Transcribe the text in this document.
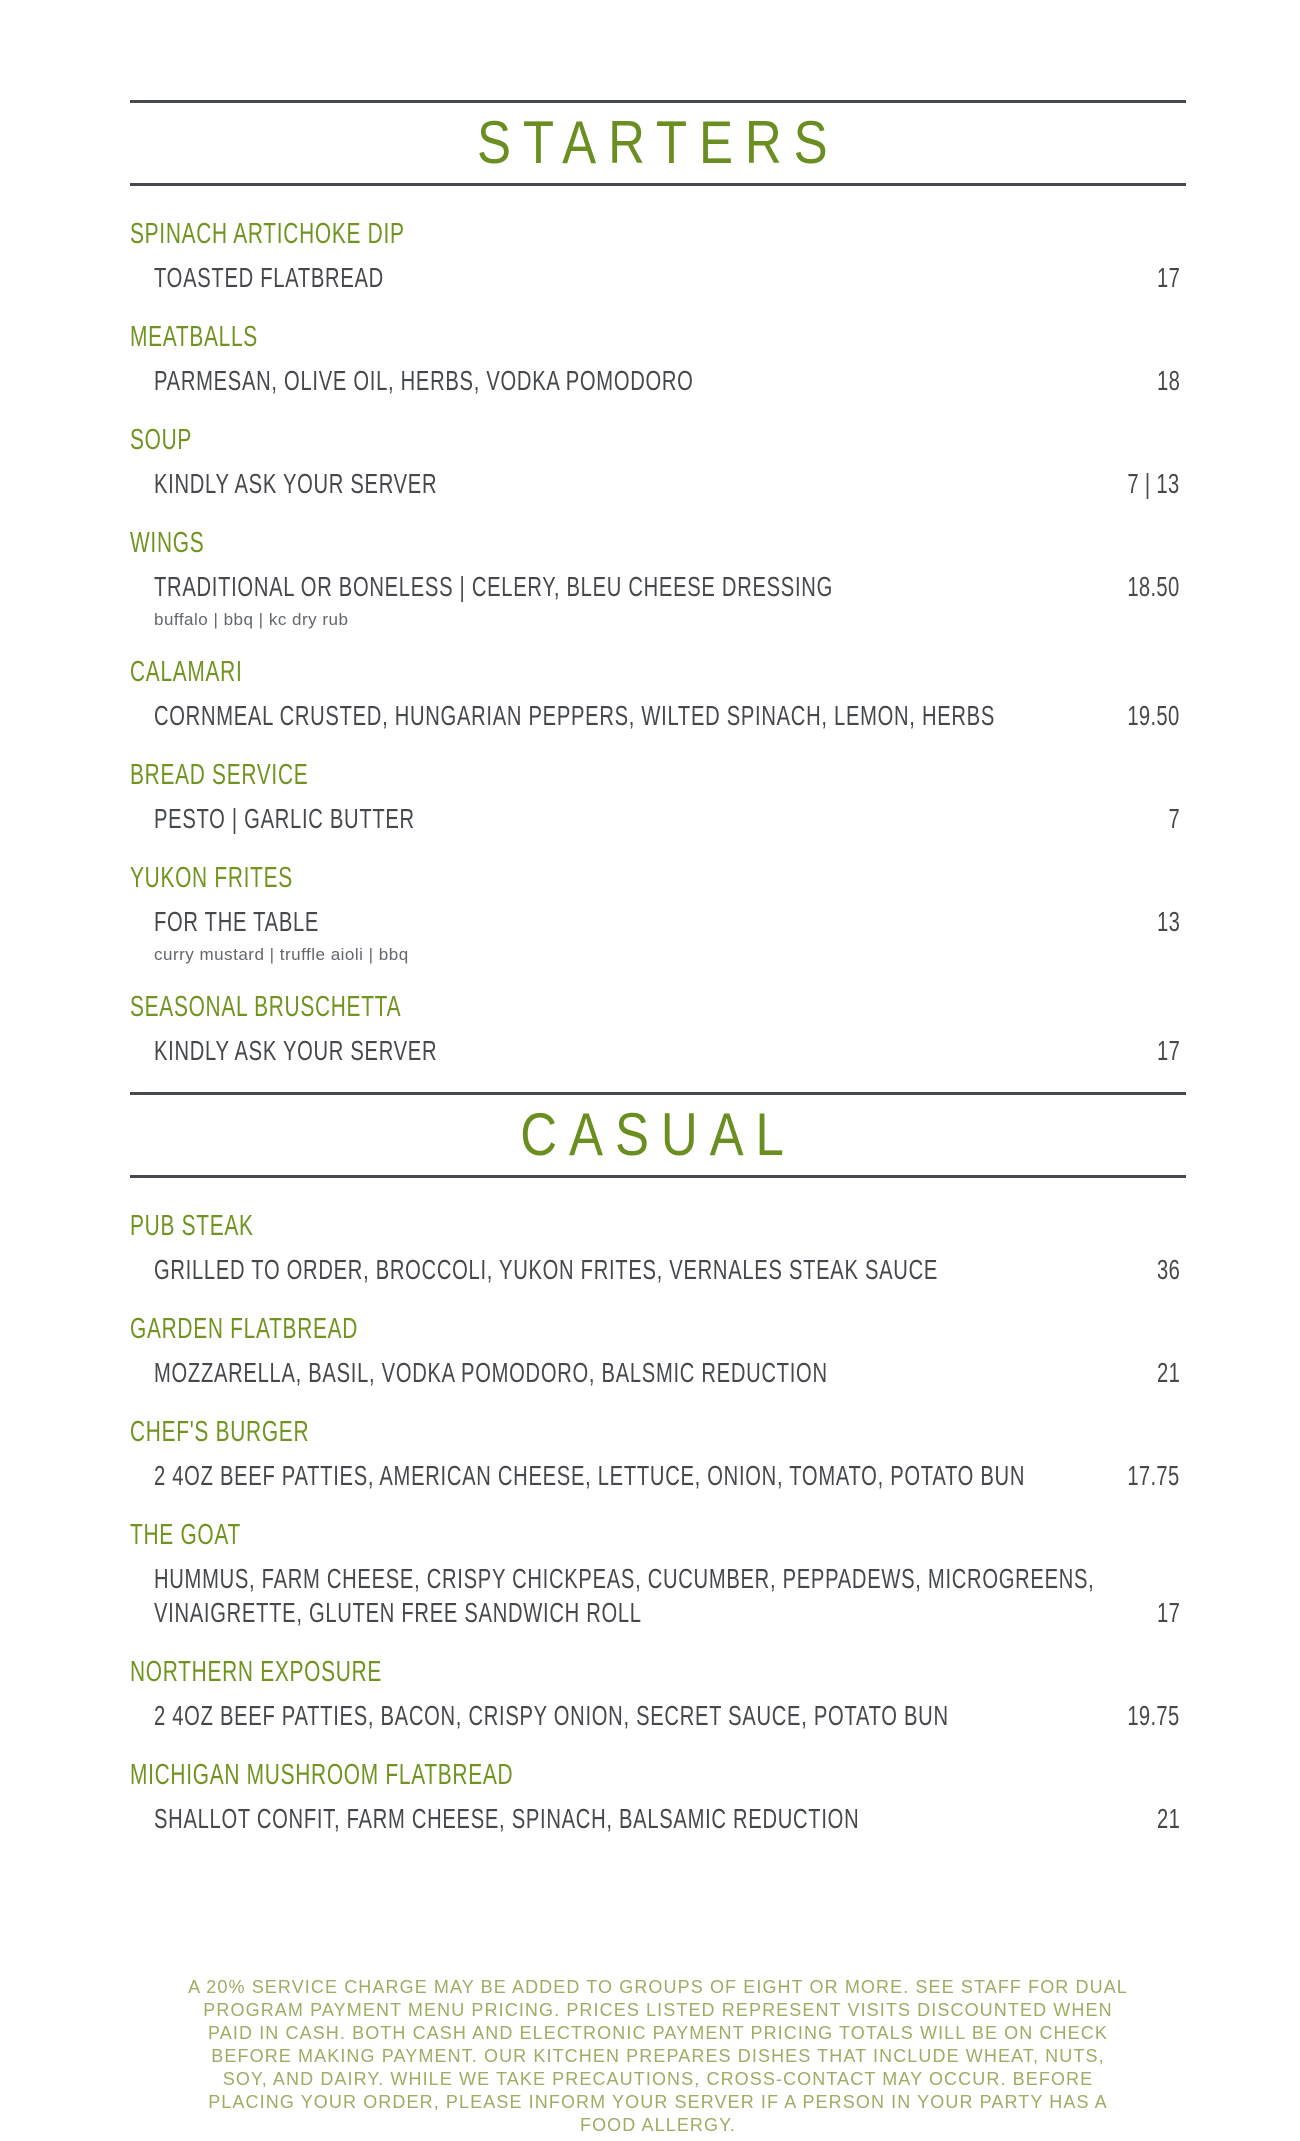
STARTERS
SPINACH ARTICHOKE DIP
TOASTED FLATBREAD	17
MEATBALLS
PARMESAN, OLIVE OIL, HERBS, VODKA POMODORO	18
SOUP
KINDLY ASK YOUR SERVER	7 | 13
WINGS
TRADITIONAL OR BONELESS | CELERY, BLEU CHEESE DRESSING	18.50
buffalo | bbq | kc dry rub
CALAMARI
CORNMEAL CRUSTED, HUNGARIAN PEPPERS, WILTED SPINACH, LEMON, HERBS	19.50
BREAD SERVICE
PESTO | GARLIC BUTTER	7
YUKON FRITES
FOR THE TABLE	13
curry mustard | truffle aioli | bbq
SEASONAL BRUSCHETTA
KINDLY ASK YOUR SERVER	17
CASUAL
PUB STEAK
GRILLED TO ORDER, BROCCOLI, YUKON FRITES, VERNALES STEAK SAUCE	36
GARDEN FLATBREAD
MOZZARELLA, BASIL, VODKA POMODORO, BALSMIC REDUCTION	21
CHEF'S BURGER
2 4OZ BEEF PATTIES, AMERICAN CHEESE, LETTUCE, ONION, TOMATO, POTATO BUN	17.75
THE GOAT
HUMMUS, FARM CHEESE, CRISPY CHICKPEAS, CUCUMBER, PEPPADEWS, MICROGREENS, VINAIGRETTE, GLUTEN FREE SANDWICH ROLL	17
NORTHERN EXPOSURE
2 4OZ BEEF PATTIES, BACON, CRISPY ONION, SECRET SAUCE, POTATO BUN	19.75
MICHIGAN MUSHROOM FLATBREAD
SHALLOT CONFIT, FARM CHEESE, SPINACH, BALSAMIC REDUCTION	21
A 20% SERVICE CHARGE MAY BE ADDED TO GROUPS OF EIGHT OR MORE. SEE STAFF FOR DUAL
PROGRAM PAYMENT MENU PRICING. PRICES LISTED REPRESENT VISITS DISCOUNTED WHEN
PAID IN CASH. BOTH CASH AND ELECTRONIC PAYMENT PRICING TOTALS WILL BE ON CHECK
BEFORE MAKING PAYMENT. OUR KITCHEN PREPARES DISHES THAT INCLUDE WHEAT, NUTS,
SOY, AND DAIRY. WHILE WE TAKE PRECAUTIONS, CROSS-CONTACT MAY OCCUR. BEFORE
PLACING YOUR ORDER, PLEASE INFORM YOUR SERVER IF A PERSON IN YOUR PARTY HAS A
FOOD ALLERGY.
